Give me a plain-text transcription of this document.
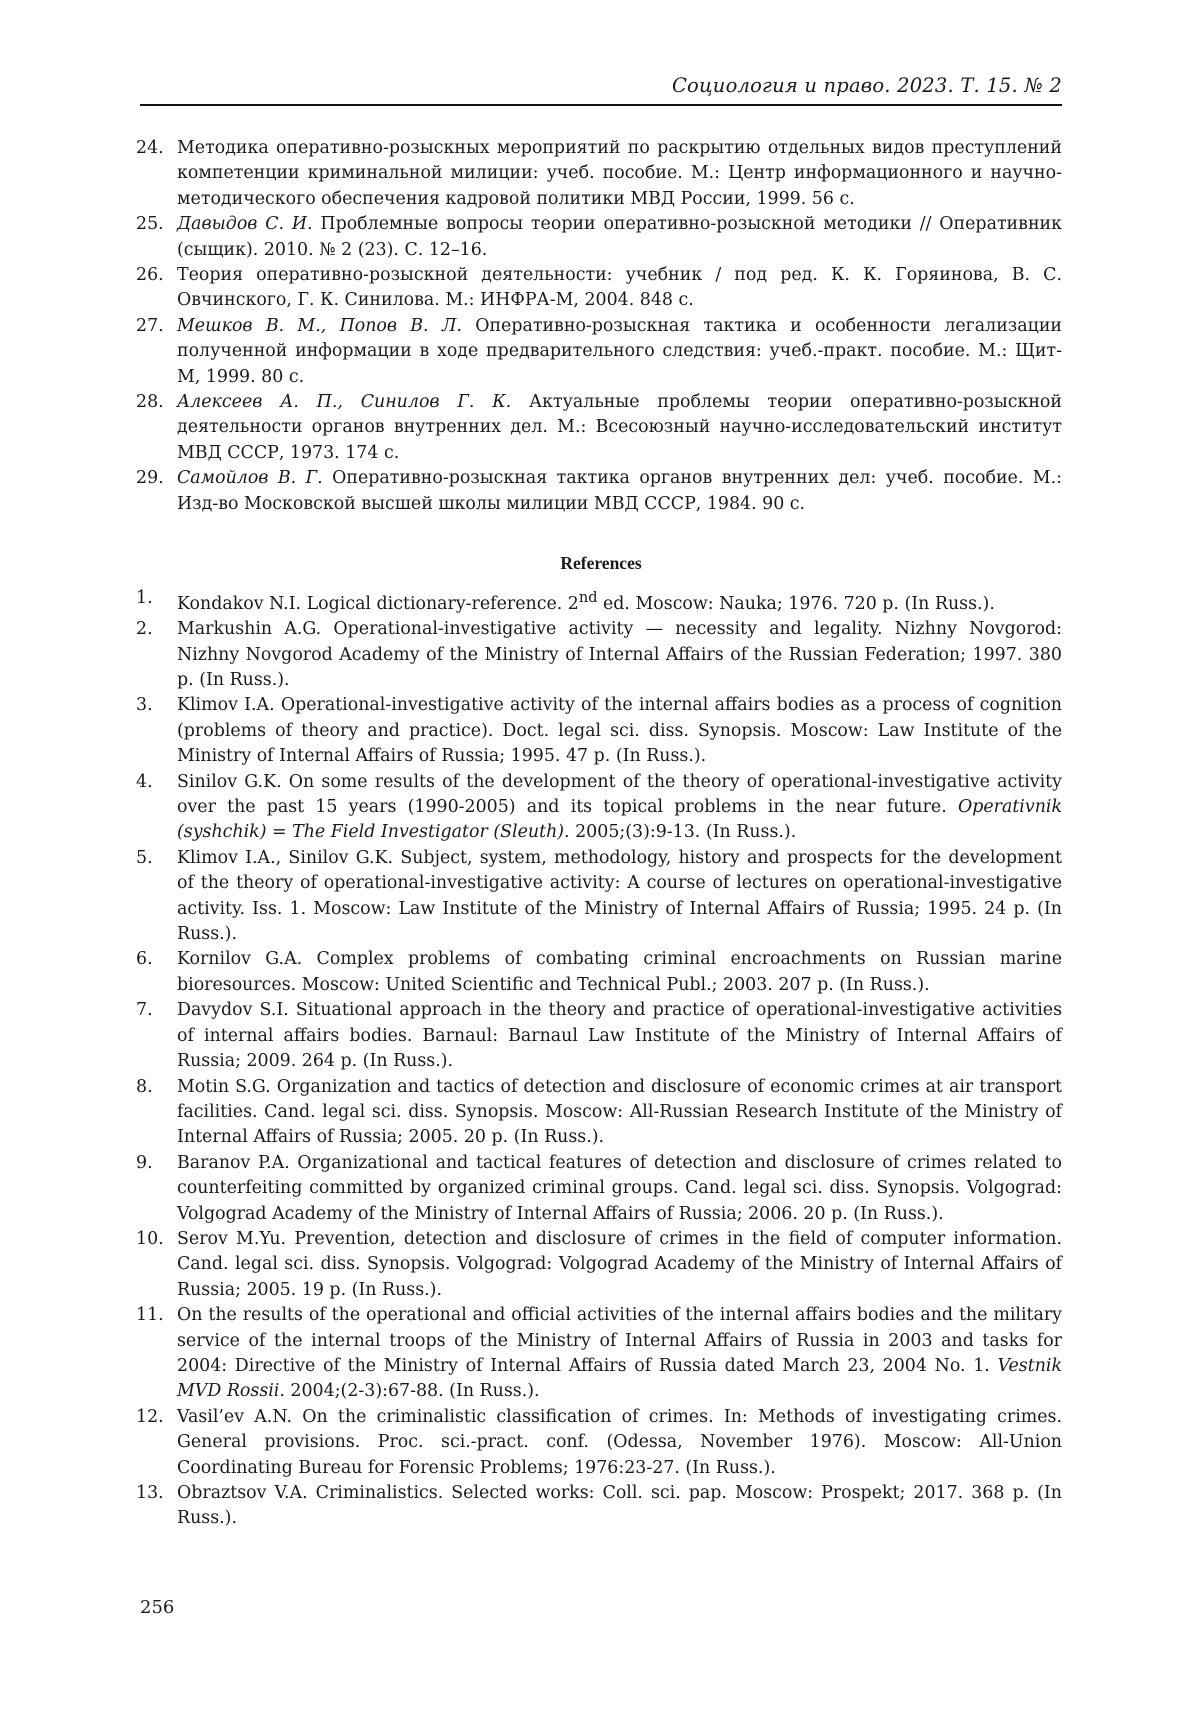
Социология и право. 2023. Т. 15. № 2
24. Методика оперативно-розыскных мероприятий по раскрытию отдельных видов преступлений компетенции криминальной милиции: учеб. пособие. М.: Центр информационного и научно-методического обеспечения кадровой политики МВД России, 1999. 56 с.
25. Давыдов С. И. Проблемные вопросы теории оперативно-розыскной методики // Оперативник (сыщик). 2010. № 2 (23). С. 12–16.
26. Теория оперативно-розыскной деятельности: учебник / под ред. К. К. Горяинова, В. С. Овчинского, Г. К. Синилова. М.: ИНФРА-М, 2004. 848 с.
27. Мешков В. М., Попов В. Л. Оперативно-розыскная тактика и особенности легализации полученной информации в ходе предварительного следствия: учеб.-практ. пособие. М.: Щит-М, 1999. 80 с.
28. Алексеев А. П., Синилов Г. К. Актуальные проблемы теории оперативно-розыскной деятельности органов внутренних дел. М.: Всесоюзный научно-исследовательский институт МВД СССР, 1973. 174 с.
29. Самойлов В. Г. Оперативно-розыскная тактика органов внутренних дел: учеб. пособие. М.: Изд-во Московской высшей школы милиции МВД СССР, 1984. 90 с.
References
1.	Kondakov N.I. Logical dictionary-reference. 2nd ed. Moscow: Nauka; 1976. 720 p. (In Russ.).
2.	Markushin A.G. Operational-investigative activity — necessity and legality. Nizhny Novgorod: Nizhny Novgorod Academy of the Ministry of Internal Affairs of the Russian Federation; 1997. 380 p. (In Russ.).
3.	Klimov I.A. Operational-investigative activity of the internal affairs bodies as a process of cognition (problems of theory and practice). Doct. legal sci. diss. Synopsis. Moscow: Law Institute of the Ministry of Internal Affairs of Russia; 1995. 47 p. (In Russ.).
4.	Sinilov G.K. On some results of the development of the theory of operational-investigative activity over the past 15 years (1990-2005) and its topical problems in the near future. Operativnik (syshchik) = The Field Investigator (Sleuth). 2005;(3):9-13. (In Russ.).
5.	Klimov I.A., Sinilov G.K. Subject, system, methodology, history and prospects for the development of the theory of operational-investigative activity: A course of lectures on operational-investigative activity. Iss. 1. Moscow: Law Institute of the Ministry of Internal Affairs of Russia; 1995. 24 p. (In Russ.).
6.	Kornilov G.A. Complex problems of combating criminal encroachments on Russian marine bioresources. Moscow: United Scientific and Technical Publ.; 2003. 207 p. (In Russ.).
7.	Davydov S.I. Situational approach in the theory and practice of operational-investigative activities of internal affairs bodies. Barnaul: Barnaul Law Institute of the Ministry of Internal Affairs of Russia; 2009. 264 p. (In Russ.).
8.	Motin S.G. Organization and tactics of detection and disclosure of economic crimes at air transport facilities. Cand. legal sci. diss. Synopsis. Moscow: All-Russian Research Institute of the Ministry of Internal Affairs of Russia; 2005. 20 p. (In Russ.).
9.	Baranov P.A. Organizational and tactical features of detection and disclosure of crimes related to counterfeiting committed by organized criminal groups. Cand. legal sci. diss. Synopsis. Volgograd: Volgograd Academy of the Ministry of Internal Affairs of Russia; 2006. 20 p. (In Russ.).
10. Serov M.Yu. Prevention, detection and disclosure of crimes in the field of computer information. Cand. legal sci. diss. Synopsis. Volgograd: Volgograd Academy of the Ministry of Internal Affairs of Russia; 2005. 19 p. (In Russ.).
11. On the results of the operational and official activities of the internal affairs bodies and the military service of the internal troops of the Ministry of Internal Affairs of Russia in 2003 and tasks for 2004: Directive of the Ministry of Internal Affairs of Russia dated March 23, 2004 No. 1. Vestnik MVD Rossii. 2004;(2-3):67-88. (In Russ.).
12. Vasil’ev A.N. On the criminalistic classification of crimes. In: Methods of investigating crimes. General provisions. Proc. sci.-pract. conf. (Odessa, November 1976). Moscow: All-Union Coordinating Bureau for Forensic Problems; 1976:23-27. (In Russ.).
13. Obraztsov V.A. Criminalistics. Selected works: Coll. sci. pap. Moscow: Prospekt; 2017. 368 p. (In Russ.).
256
